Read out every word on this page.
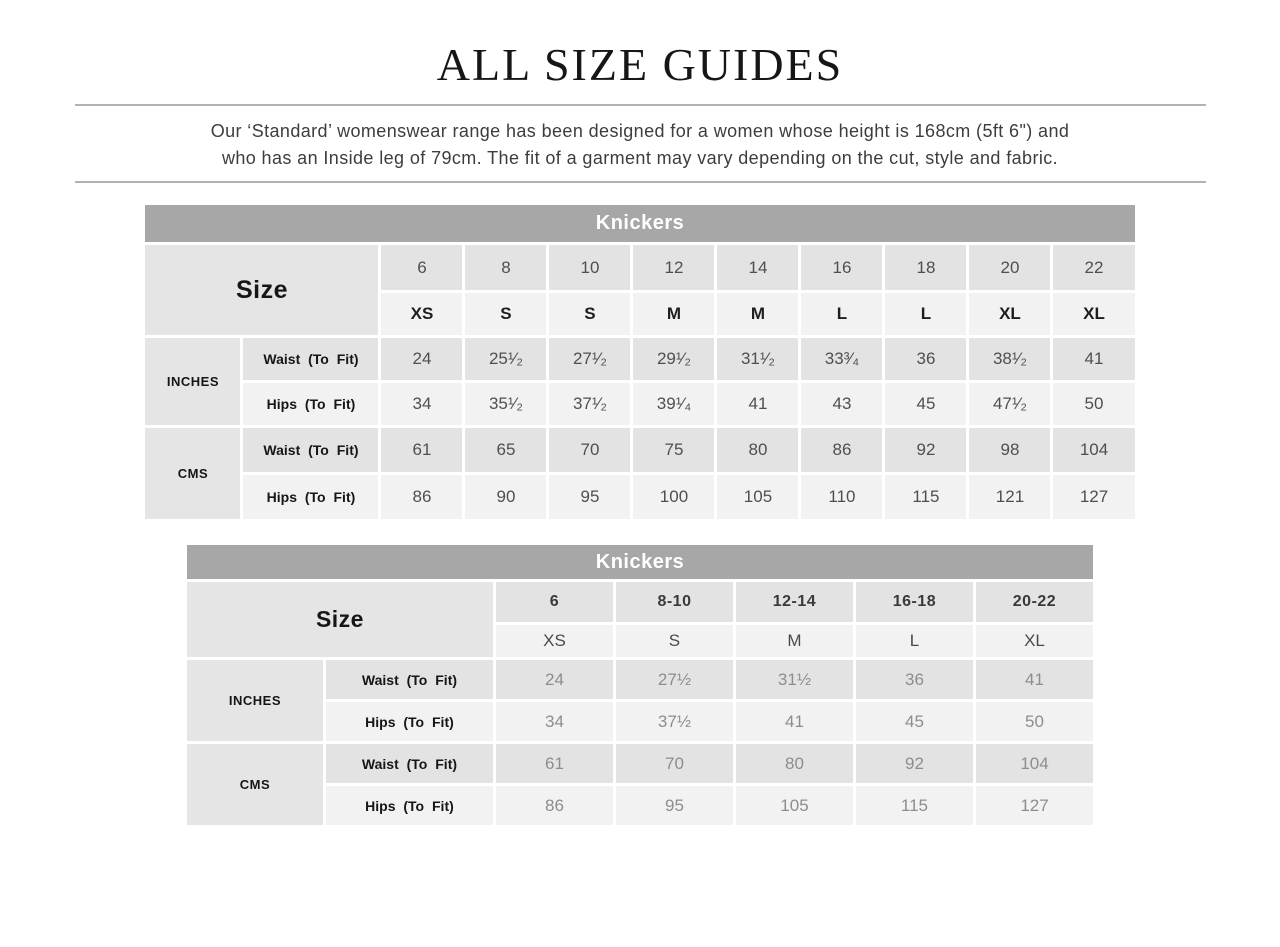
ALL SIZE GUIDES

Our ‘Standard’ womenswear range has been designed for a women whose height is 168cm (5ft 6") and
who has an Inside leg of 79cm. The fit of a garment may vary depending on the cut, style and fabric.

Knickers										
Size		6	8	10	12	14	16	18	20	22
		XS	S	S	M	M	L	L	XL	XL
INCHES	Waist (To Fit)	24	25¹⁄₂	27¹⁄₂	29¹⁄₂	31¹⁄₂	33³⁄₄	36	38¹⁄₂	41
	Hips (To Fit)	34	35¹⁄₂	37¹⁄₂	39¹⁄₄	41	43	45	47¹⁄₂	50
CMS	Waist (To Fit)	61	65	70	75	80	86	92	98	104
	Hips (To Fit)	86	90	95	100	105	110	115	121	127
Knickers						
Size		6	8-10	12-14	16-18	20-22
		XS	S	M	L	XL
INCHES	Waist (To Fit)	24	27½	31½	36	41
	Hips (To Fit)	34	37½	41	45	50
CMS	Waist (To Fit)	61	70	80	92	104
	Hips (To Fit)	86	95	105	115	127
